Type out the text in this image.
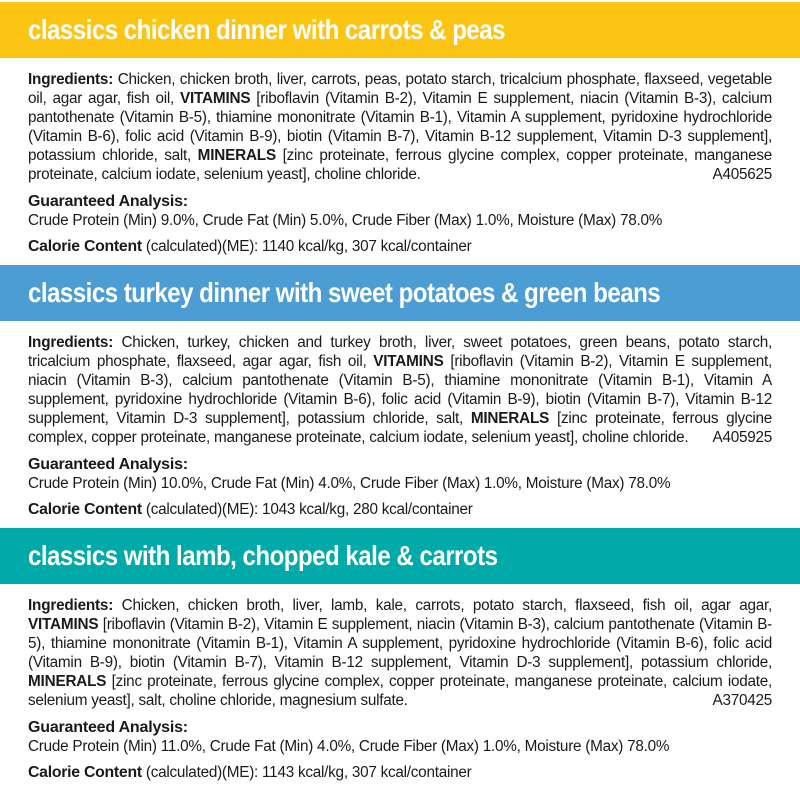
classics chicken dinner with carrots & peas

Ingredients: Chicken, chicken broth, liver, carrots, peas, potato starch, tricalcium phosphate, flaxseed, vegetable oil, agar agar, fish oil, VITAMINS [riboflavin (Vitamin B-2), Vitamin E supplement, niacin (Vitamin B-3), calcium pantothenate (Vitamin B-5), thiamine mononitrate (Vitamin B-1), Vitamin A supplement, pyridoxine hydrochloride (Vitamin B-6), folic acid (Vitamin B-9), biotin (Vitamin B-7), Vitamin B-12 supplement, Vitamin D-3 supplement], potassium chloride, salt, MINERALS [zinc proteinate, ferrous glycine complex, copper proteinate, manganese proteinate, calcium iodate, selenium yeast], choline chloride.	A405625

Guaranteed Analysis:

Crude Protein (Min) 9.0%, Crude Fat (Min) 5.0%, Crude Fiber (Max) 1.0%, Moisture (Max) 78.0%

Calorie Content (calculated)(ME): 1140 kcal/kg, 307 kcal/container

classics turkey dinner with sweet potatoes & green beans

Ingredients: Chicken, turkey, chicken and turkey broth, liver, sweet potatoes, green beans, potato starch, tricalcium phosphate, flaxseed, agar agar, fish oil, VITAMINS [riboflavin (Vitamin B-2), Vitamin E supplement, niacin (Vitamin B-3), calcium pantothenate (Vitamin B-5), thiamine mononitrate (Vitamin B-1), Vitamin A supplement, pyridoxine hydrochloride (Vitamin B-6), folic acid (Vitamin B-9), biotin (Vitamin B-7), Vitamin B-12 supplement, Vitamin D-3 supplement], potassium chloride, salt, MINERALS [zinc proteinate, ferrous glycine complex, copper proteinate, manganese proteinate, calcium iodate, selenium yeast], choline chloride.	A405925

Guaranteed Analysis:

Crude Protein (Min) 10.0%, Crude Fat (Min) 4.0%, Crude Fiber (Max) 1.0%, Moisture (Max) 78.0%

Calorie Content (calculated)(ME): 1043 kcal/kg, 280 kcal/container

classics with lamb, chopped kale & carrots

Ingredients: Chicken, chicken broth, liver, lamb, kale, carrots, potato starch, flaxseed, fish oil, agar agar, VITAMINS [riboflavin (Vitamin B-2), Vitamin E supplement, niacin (Vitamin B-3), calcium pantothenate (Vitamin B-5), thiamine mononitrate (Vitamin B-1), Vitamin A supplement, pyridoxine hydrochloride (Vitamin B-6), folic acid (Vitamin B-9), biotin (Vitamin B-7), Vitamin B-12 supplement, Vitamin D-3 supplement], potassium chloride, MINERALS [zinc proteinate, ferrous glycine complex, copper proteinate, manganese proteinate, calcium iodate, selenium yeast], salt, choline chloride, magnesium sulfate.	A370425

Guaranteed Analysis:

Crude Protein (Min) 11.0%, Crude Fat (Min) 4.0%, Crude Fiber (Max) 1.0%, Moisture (Max) 78.0%

Calorie Content (calculated)(ME): 1143 kcal/kg, 307 kcal/container
